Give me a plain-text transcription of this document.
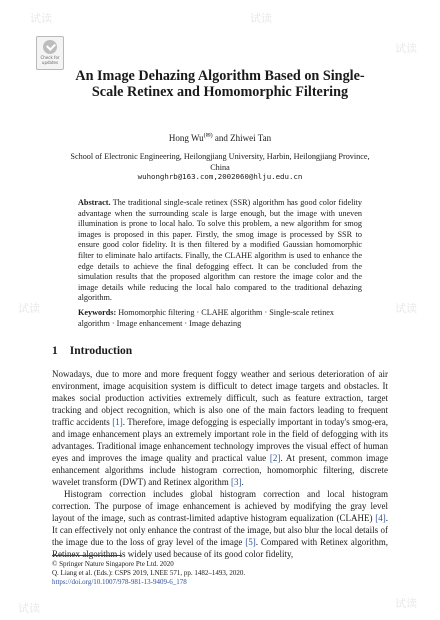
试读	试读
试读
试读	试读
试读	试读
Check for updates
An Image Dehazing Algorithm Based on Single-Scale Retinex and Homomorphic Filtering
Hong Wu(✉) and Zhiwei Tan
School of Electronic Engineering, Heilongjiang University, Harbin, Heilongjiang Province, China
wuhonghrb@163.com,2002060@hlju.edu.cn
Abstract. The traditional single-scale retinex (SSR) algorithm has good color fidelity advantage when the surrounding scale is large enough, but the image with uneven illumination is prone to local halo. To solve this problem, a new algorithm for smog images is proposed in this paper. Firstly, the smog image is processed by SSR to ensure good color fidelity. It is then filtered by a modified Gaussian homomorphic filter to eliminate halo artifacts. Finally, the CLAHE algorithm is used to enhance the edge details to achieve the final defogging effect. It can be concluded from the simulation results that the proposed algorithm can restore the image color and the image details while reducing the local halo compared to the traditional dehazing algorithm.
Keywords: Homomorphic filtering · CLAHE algorithm · Single-scale retinex algorithm · Image enhancement · Image dehazing
1 Introduction

Nowadays, due to more and more frequent foggy weather and serious deterioration of air environment, image acquisition system is difficult to detect image targets and obstacles. It makes social production activities extremely difficult, such as feature extraction, target tracking and object recognition, which is also one of the main factors leading to frequent traffic accidents [1]. Therefore, image defogging is especially important in today's smog-era, and image enhancement plays an extremely important role in the field of defogging with its advantages. Traditional image enhancement technology improves the visual effect of human eyes and improves the image quality and practical value [2]. At present, common image enhancement algorithms include histogram correction, homomorphic filtering, discrete wavelet transform (DWT) and Retinex algorithm [3].

Histogram correction includes global histogram correction and local histogram correction. The purpose of image enhancement is achieved by modifying the gray level layout of the image, such as contrast-limited adaptive histogram equalization (CLAHE) [4]. It can effectively not only enhance the contrast of the image, but also blur the local details of the image due to the loss of gray level of the image [5]. Compared with Retinex algorithm, Retinex algorithm is widely used because of its good color fidelity,

© Springer Nature Singapore Pte Ltd. 2020
Q. Liang et al. (Eds.): CSPS 2019, LNEE 571, pp. 1482–1493, 2020.
https://doi.org/10.1007/978-981-13-9409-6_178
